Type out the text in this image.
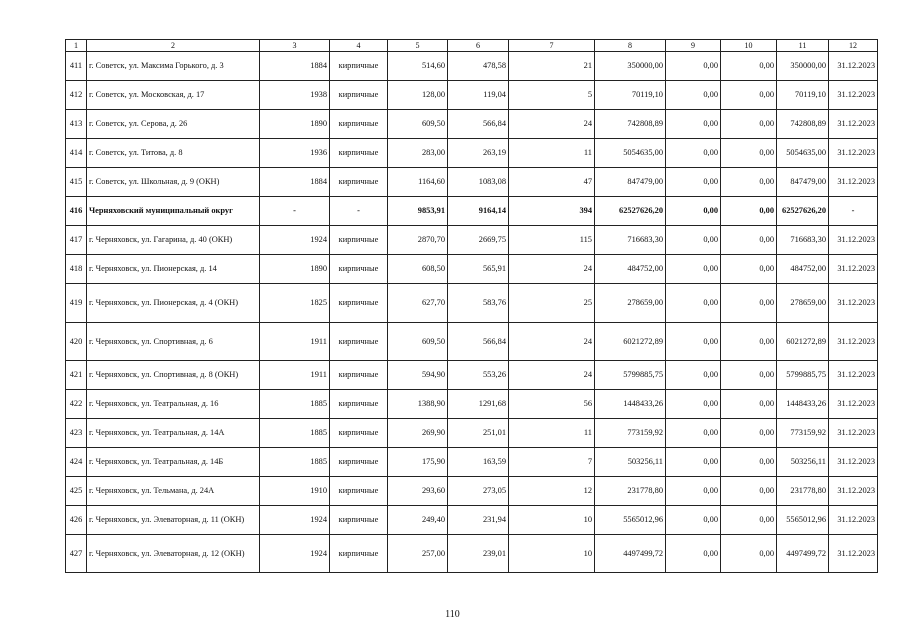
1	2	3	4	5	6	7	8	9	10	11	12
411	г. Советск, ул. Максима Горького, д. 3	1884	кирпичные	514,60	478,58	21	350000,00	0,00	0,00	350000,00	31.12.2023
412	г. Советск, ул. Московская, д. 17	1938	кирпичные	128,00	119,04	5	70119,10	0,00	0,00	70119,10	31.12.2023
413	г. Советск, ул. Серова, д. 26	1890	кирпичные	609,50	566,84	24	742808,89	0,00	0,00	742808,89	31.12.2023
414	г. Советск, ул. Титова, д. 8	1936	кирпичные	283,00	263,19	11	5054635,00	0,00	0,00	5054635,00	31.12.2023
415	г. Советск, ул. Школьная, д. 9 (ОКН)	1884	кирпичные	1164,60	1083,08	47	847479,00	0,00	0,00	847479,00	31.12.2023
416	Черняховский муниципальный округ	-	-	9853,91	9164,14	394	62527626,20	0,00	0,00	62527626,20	-
417	г. Черняховск, ул. Гагарина, д. 40 (ОКН)	1924	кирпичные	2870,70	2669,75	115	716683,30	0,00	0,00	716683,30	31.12.2023
418	г. Черняховск, ул. Пионерская, д. 14	1890	кирпичные	608,50	565,91	24	484752,00	0,00	0,00	484752,00	31.12.2023
419	г. Черняховск, ул. Пионерская, д. 4 (ОКН)	1825	кирпичные	627,70	583,76	25	278659,00	0,00	0,00	278659,00	31.12.2023
420	г. Черняховск, ул. Спортивная, д. 6	1911	кирпичные	609,50	566,84	24	6021272,89	0,00	0,00	6021272,89	31.12.2023
421	г. Черняховск, ул. Спортивная, д. 8 (ОКН)	1911	кирпичные	594,90	553,26	24	5799885,75	0,00	0,00	5799885,75	31.12.2023
422	г. Черняховск, ул. Театральная, д. 16	1885	кирпичные	1388,90	1291,68	56	1448433,26	0,00	0,00	1448433,26	31.12.2023
423	г. Черняховск, ул. Театральная, д. 14А	1885	кирпичные	269,90	251,01	11	773159,92	0,00	0,00	773159,92	31.12.2023
424	г. Черняховск, ул. Театральная, д. 14Б	1885	кирпичные	175,90	163,59	7	503256,11	0,00	0,00	503256,11	31.12.2023
425	г. Черняховск, ул. Тельмана, д. 24А	1910	кирпичные	293,60	273,05	12	231778,80	0,00	0,00	231778,80	31.12.2023
426	г. Черняховск, ул. Элеваторная, д. 11 (ОКН)	1924	кирпичные	249,40	231,94	10	5565012,96	0,00	0,00	5565012,96	31.12.2023
427	г. Черняховск, ул. Элеваторная, д. 12 (ОКН)	1924	кирпичные	257,00	239,01	10	4497499,72	0,00	0,00	4497499,72	31.12.2023
110
